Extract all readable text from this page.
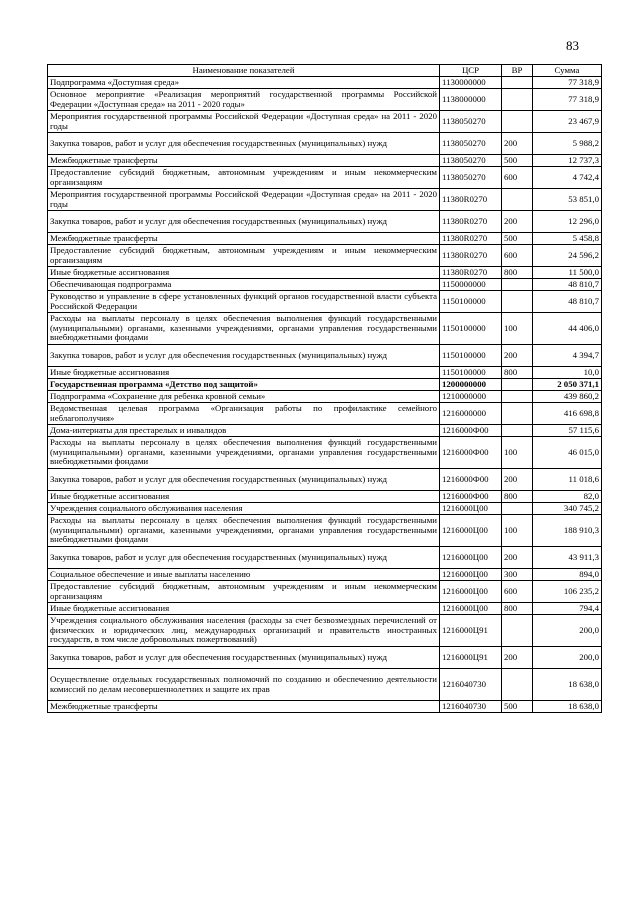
83
Наименование показателей	ЦСР	ВР	Сумма
Подпрограмма «Доступная среда»	1130000000		77 318,9
Основное мероприятие «Реализация мероприятий государственной программы Российской Федерации «Доступная среда» на 2011 - 2020 годы»	1138000000		77 318,9
Мероприятия государственной программы Российской Федерации «Доступная среда» на 2011 - 2020 годы	1138050270		23 467,9
Закупка товаров, работ и услуг для обеспечения государственных (муниципальных) нужд	1138050270	200	5 988,2
Межбюджетные трансферты	1138050270	500	12 737,3
Предоставление субсидий бюджетным, автономным учреждениям и иным некоммерческим организациям	1138050270	600	4 742,4
Мероприятия государственной программы Российской Федерации «Доступная среда» на 2011 - 2020 годы	11380R0270		53 851,0
Закупка товаров, работ и услуг для обеспечения государственных (муниципальных) нужд	11380R0270	200	12 296,0
Межбюджетные трансферты	11380R0270	500	5 458,8
Предоставление субсидий бюджетным, автономным учреждениям и иным некоммерческим организациям	11380R0270	600	24 596,2
Иные бюджетные ассигнования	11380R0270	800	11 500,0
Обеспечивающая подпрограмма	1150000000		48 810,7
Руководство и управление в сфере установленных функций органов государственной власти субъекта Российской Федерации	1150100000		48 810,7
Расходы на выплаты персоналу в целях обеспечения выполнения функций государственными (муниципальными) органами, казенными учреждениями, органами управления государственными внебюджетными фондами	1150100000	100	44 406,0
Закупка товаров, работ и услуг для обеспечения государственных (муниципальных) нужд	1150100000	200	4 394,7
Иные бюджетные ассигнования	1150100000	800	10,0
Государственная программа «Детство под защитой»	1200000000		2 050 371,1
Подпрограмма «Сохранение для ребенка кровной семьи»	1210000000		439 860,2
Ведомственная целевая программа «Организация работы по профилактике семейного неблагополучия»	1216000000		416 698,8
Дома-интернаты для престарелых и инвалидов	1216000Ф00		57 115,6
Расходы на выплаты персоналу в целях обеспечения выполнения функций государственными (муниципальными) органами, казенными учреждениями, органами управления государственными внебюджетными фондами	1216000Ф00	100	46 015,0
Закупка товаров, работ и услуг для обеспечения государственных (муниципальных) нужд	1216000Ф00	200	11 018,6
Иные бюджетные ассигнования	1216000Ф00	800	82,0
Учреждения социального обслуживания населения	1216000Ц00		340 745,2
Расходы на выплаты персоналу в целях обеспечения выполнения функций государственными (муниципальными) органами, казенными учреждениями, органами управления государственными внебюджетными фондами	1216000Ц00	100	188 910,3
Закупка товаров, работ и услуг для обеспечения государственных (муниципальных) нужд	1216000Ц00	200	43 911,3
Социальное обеспечение и иные выплаты населению	1216000Ц00	300	894,0
Предоставление субсидий бюджетным, автономным учреждениям и иным некоммерческим организациям	1216000Ц00	600	106 235,2
Иные бюджетные ассигнования	1216000Ц00	800	794,4
Учреждения социального обслуживания населения (расходы за счет безвозмездных перечислений от физических и юридических лиц, международных организаций и правительств иностранных государств, в том числе добровольных пожертвований)	1216000Ц91		200,0
Закупка товаров, работ и услуг для обеспечения государственных (муниципальных) нужд	1216000Ц91	200	200,0
Осуществление отдельных государственных полномочий по созданию и обеспечению деятельности комиссий по делам несовершеннолетних и защите их прав	1216040730		18 638,0
Межбюджетные трансферты	1216040730	500	18 638,0
